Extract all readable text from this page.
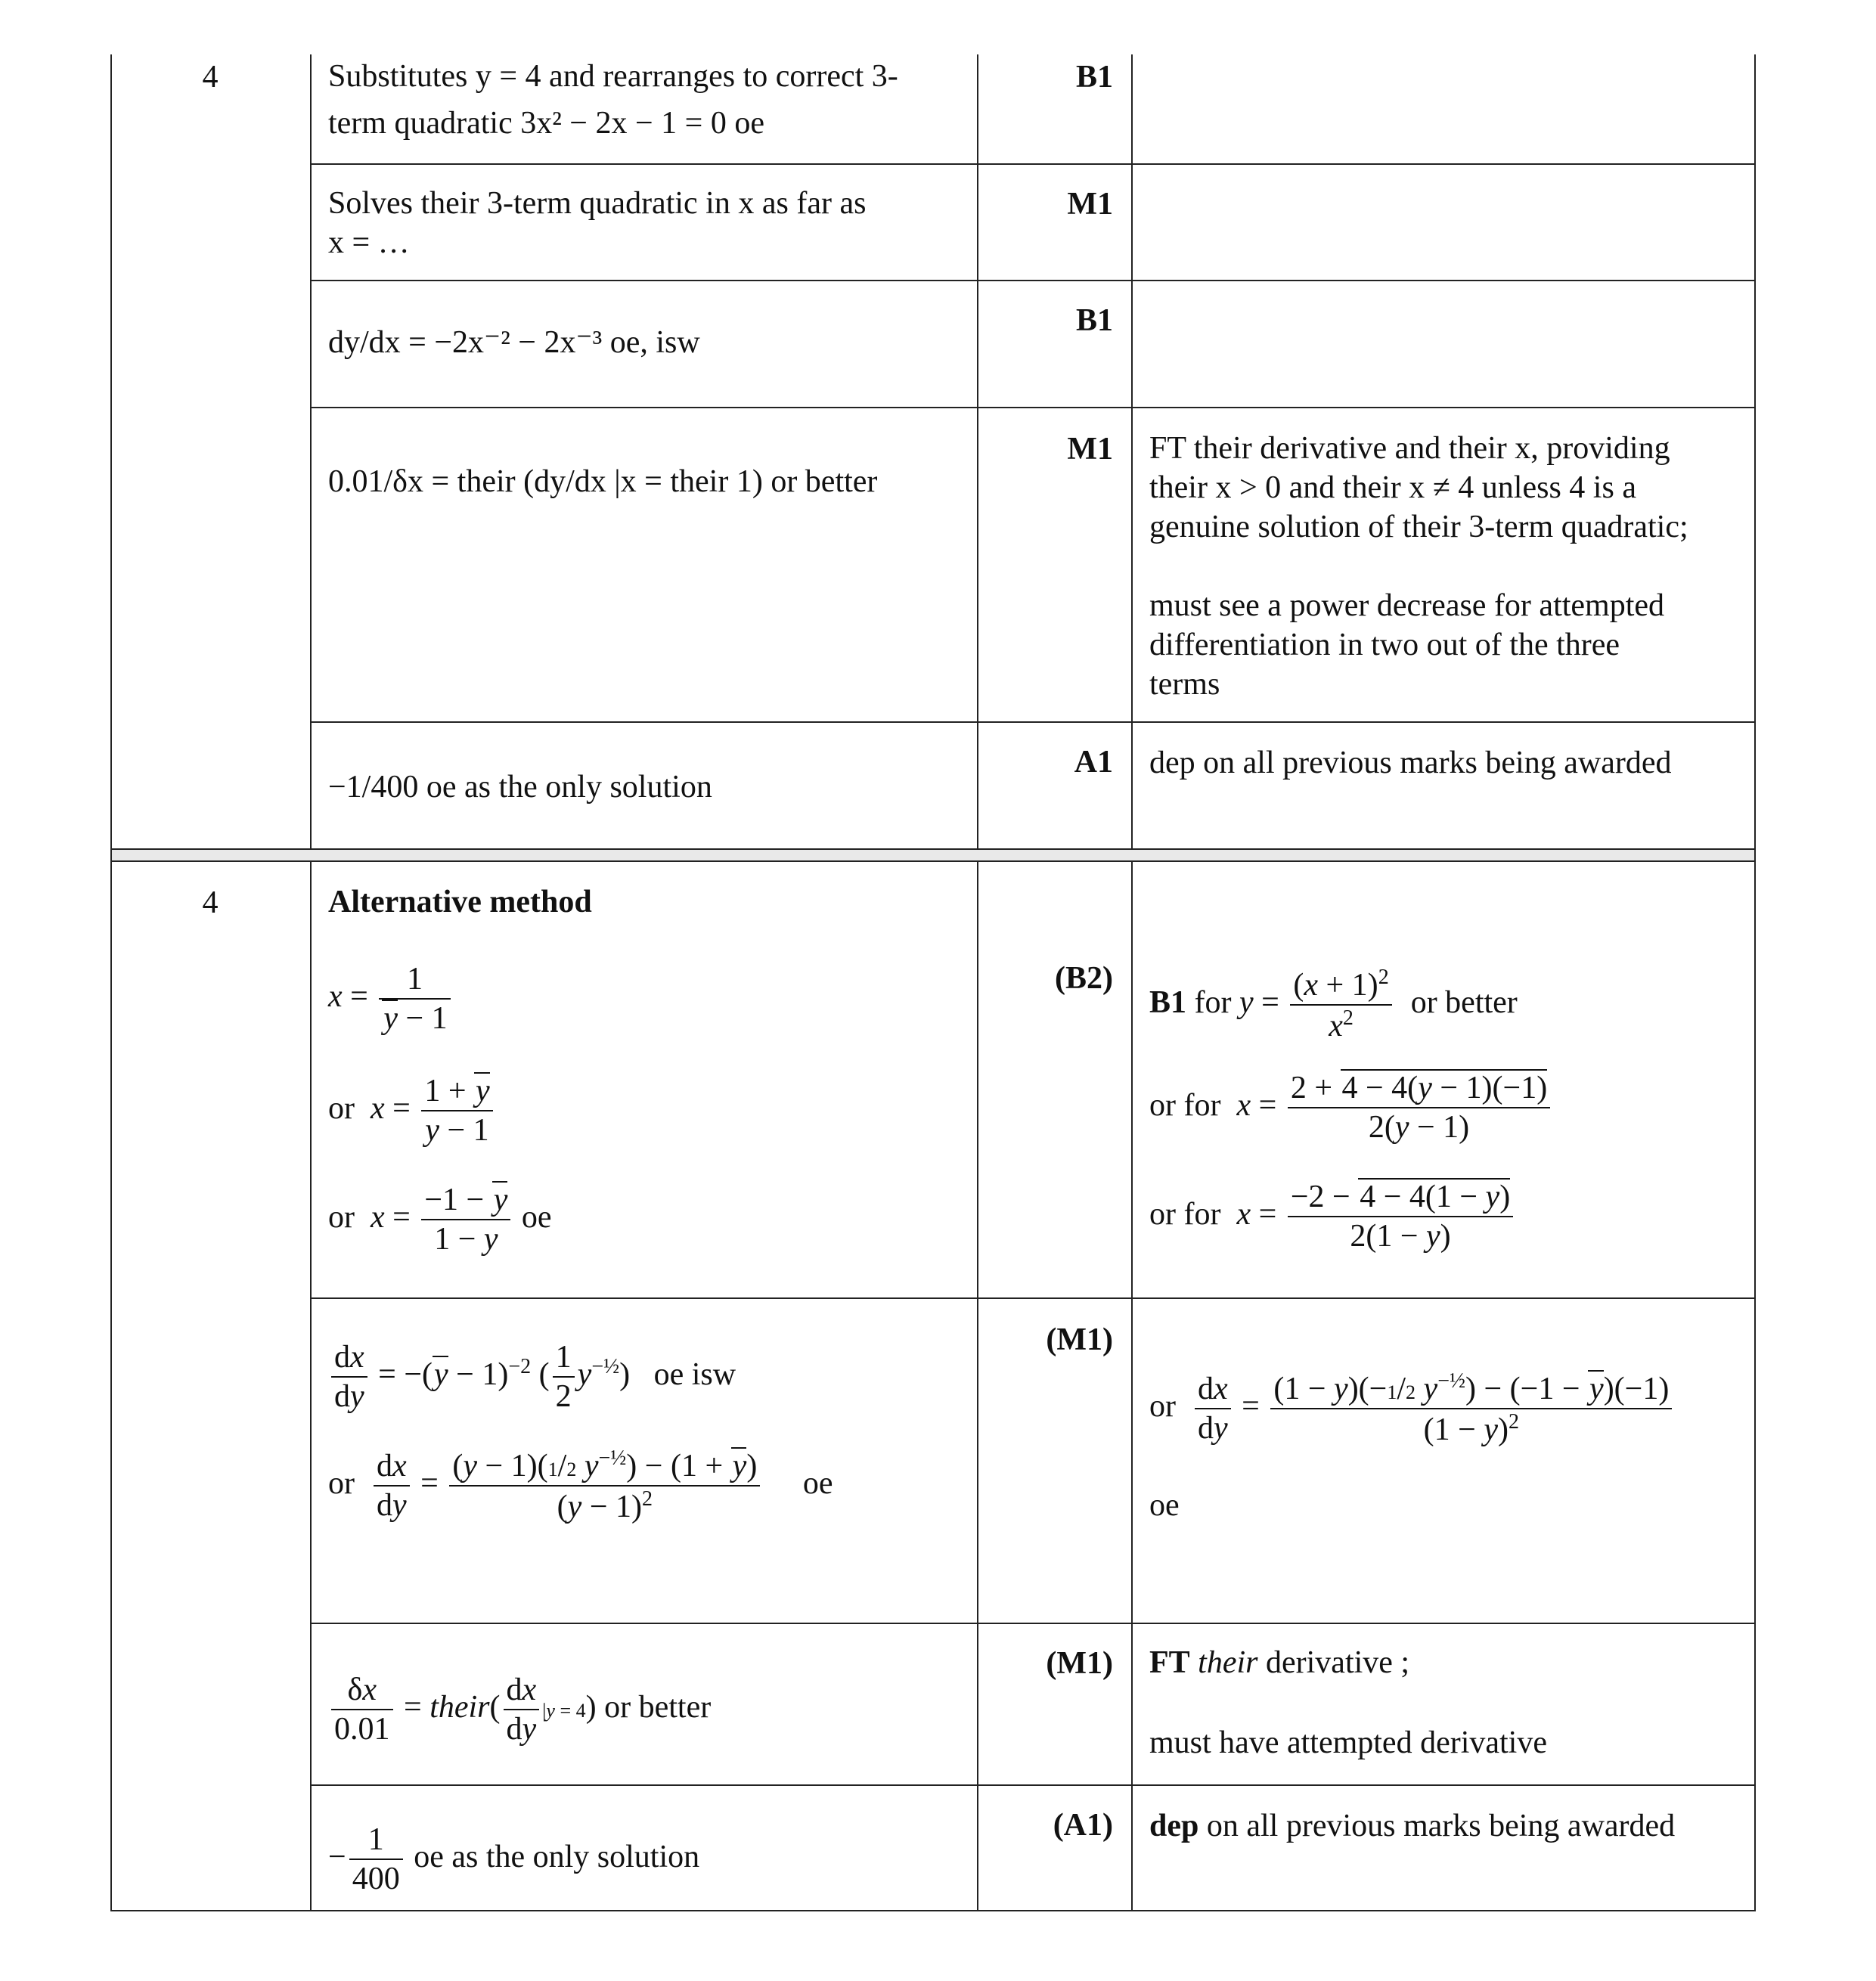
4	Substitutes y = 4 and rearranges to correct 3-
term quadratic 3x² − 2x − 1 = 0 oe
B1
Solves their 3-term quadratic in x as far as
x = …
M1
dy/dx = −2x⁻² − 2x⁻³ oe, isw
B1
0.01/δx = their (dy/dx |x = their 1) or better
M1 FT their derivative and their x, providing
their x > 0 and their x ≠ 4 unless 4 is a
genuine solution of their 3-term quadratic;
must see a power decrease for attempted
differentiation in two out of the three
terms
−1/400 oe as the only solution
A1 dep on all previous marks being awarded
4	Alternative method
$x = \frac{1}{y - 1}$
or $x = \frac{1 + y}{y - 1}$
or $x = \frac{-1 - y}{1 - y}$ oe
(B2)
B1 for $y = \frac{(x + 1)^2}{x^2}$ or better
or for $x = \frac{2 + 4 - 4(y - 1)(-1)}{2(y - 1)}$
or for $x = \frac{-2 - 4 - 4(1 - y)}{2(1 - y)}$
$\frac{dx}{dy} = -(y - 1)^{-2}$ ( $\frac{1}{2} y^{-\frac{1}{2}}$)   oe isw
or $\frac{dx}{dy} = \frac{(y - 1)(1/2 y^{-\frac{1}{2}}) - (1 + y)}{(y - 1)^2}$ oe
(M1)
or $\frac{dx}{dy} = \frac{(1 - y)(-1/2 y^{-\frac{1}{2}}) - (-1 - y)(-1)}{(1 - y)^2}$
oe
$\frac{\delta x}{0.01}$ = their( $\frac{dx}{dy} |y = 4$) or better
(M1) FT their derivative ;
must have attempted derivative
− $\frac{1}{400}$ oe as the only solution
(A1) dep on all previous marks being awarded
